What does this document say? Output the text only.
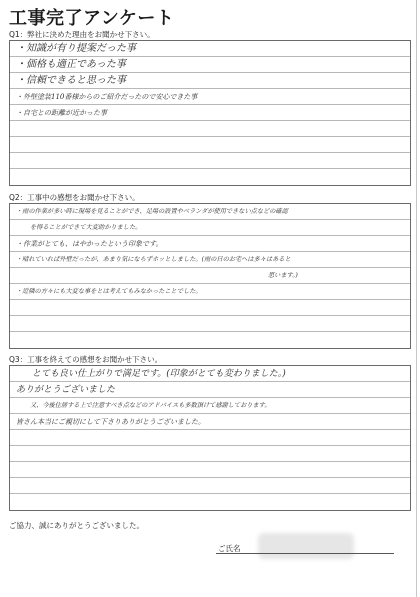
工事完了アンケート
Q1：弊社に決めた理由をお聞かせ下さい。
・知識が有り提案だった事
・価格も適正であった事
・信頼できると思った事
・外壁塗装110番様からのご紹介だったので安心できた事
・自宅との距離が近かった事
Q2：工事中の感想をお聞かせ下さい。
・雨の作業が多い時に現場を見ることができ、足場の設置やベランダが使用できない点などの確認
を得ることができて大変助かりました。
・作業がとても、はやかったという印象です。
・晴れていれば外壁だったが、あまり気にならずホッとしました。(雨の日のお宅へは多々はあると
思います。)
・近隣の方々にも大変な事をとは考えてもみなかったことでした。
Q3：工事を終えての感想をお聞かせ下さい。
とても良い仕上がりで満足です。(印象がとても変わりました。)
ありがとうございました
又、今後住居する上で注意すべき点などのアドバイスも多数頂けて感謝しております。
皆さん本当にご親切にして下さりありがとうございました。
ご協力、誠にありがとうございました。
ご氏名
